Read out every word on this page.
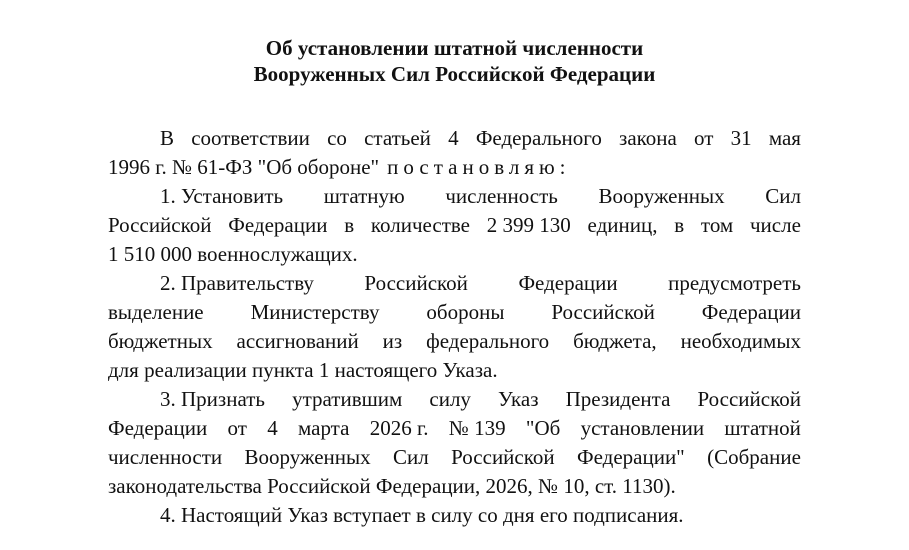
Об установлении штатной численности
Вооруженных Сил Российской Федерации
В соответствии со статьей 4 Федерального закона от 31 мая
1996 г. № 61-ФЗ "Об обороне" постановляю:
1. Установить штатную численность Вооруженных Сил
Российской Федерации в количестве 2 399 130 единиц, в том числе
1 510 000 военнослужащих.
2. Правительству Российской Федерации предусмотреть
выделение Министерству обороны Российской Федерации
бюджетных ассигнований из федерального бюджета, необходимых
для реализации пункта 1 настоящего Указа.
3. Признать утратившим силу Указ Президента Российской
Федерации от 4 марта 2026 г. № 139 "Об установлении штатной
численности Вооруженных Сил Российской Федерации" (Собрание
законодательства Российской Федерации, 2026, № 10, ст. 1130).
4. Настоящий Указ вступает в силу со дня его подписания.
